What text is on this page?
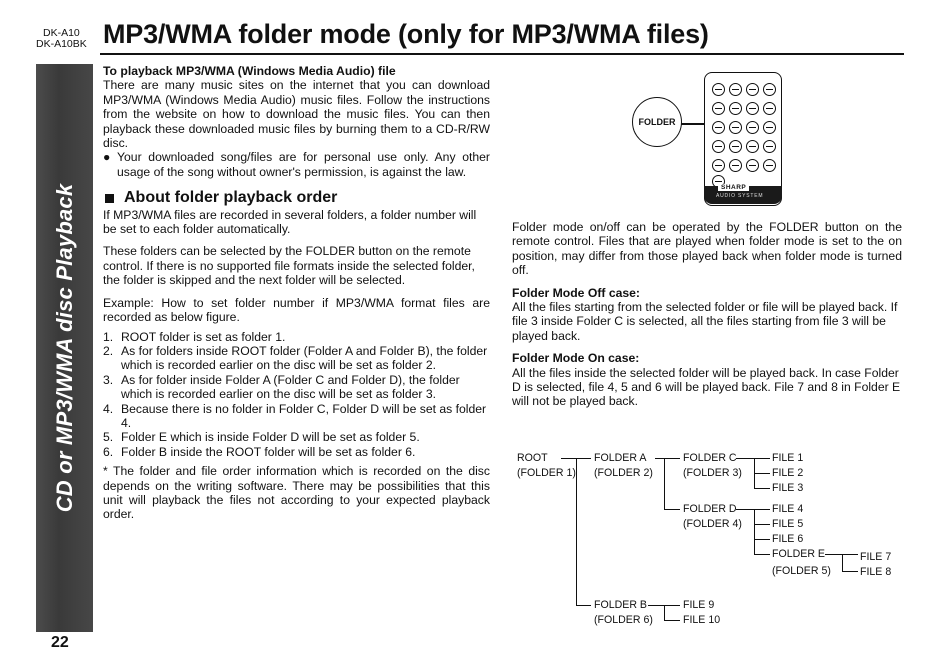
DK-A10
DK-A10BK MP3/WMA folder mode (only for MP3/WMA files)
CD or MP3/WMA disc Playback
22

To playback MP3/WMA (Windows Media Audio) file

There are many music sites on the internet that you can download MP3/WMA (Windows Media Audio) music files. Follow the instructions from the website on how to download the music files. You can then playback these downloaded music files by burning them to a CD-R/RW disc.

● Your downloaded song/files are for personal use only. Any other usage of the song without owner's permission, is against the law.
About folder playback order

If MP3/WMA files are recorded in several folders, a folder number will be set to each folder automatically.

These folders can be selected by the FOLDER button on the remote control. If there is no supported file formats inside the selected folder, the folder is skipped and the next folder will be selected.

Example: How to set folder number if MP3/WMA format files are recorded as below figure.

1. ROOT folder is set as folder 1.
2. As for folders inside ROOT folder (Folder A and Folder B), the folder which is recorded earlier on the disc will be set as folder 2.
3. As for folder inside Folder A (Folder C and Folder D), the folder which is recorded earlier on the disc will be set as folder 3.
4. Because there is no folder in Folder C, Folder D will be set as folder 4.
5. Folder E which is inside Folder D will be set as folder 5.
6. Folder B inside the ROOT folder will be set as folder 6.

* The folder and file order information which is recorded on the disc depends on the writing software. There may be possibilities that this unit will playback the files not according to your expected playback order.

FOLDER
SHARP
AUDIO SYSTEM

Folder mode on/off can be operated by the FOLDER button on the remote control. Files that are played when folder mode is set to the on position, may differ from those played back when folder mode is turned off.

Folder Mode Off case:

All the files starting from the selected folder or file will be played back. If file 3 inside Folder C is selected, all the files starting from file 3 will be played back.

Folder Mode On case:

All the files inside the selected folder will be played back. In case Folder D is selected, file 4, 5 and 6 will be played back. File 7 and 8 in Folder E will not be played back.

ROOT
(FOLDER 1)
FOLDER A
(FOLDER 2)
FOLDER C
(FOLDER 3)
FOLDER D
(FOLDER 4)
FOLDER E
(FOLDER 5)
FOLDER B
(FOLDER 6)
FILE 1
FILE 2
FILE 3
FILE 4
FILE 5
FILE 6
FILE 7
FILE 8
FILE 9
FILE 10
